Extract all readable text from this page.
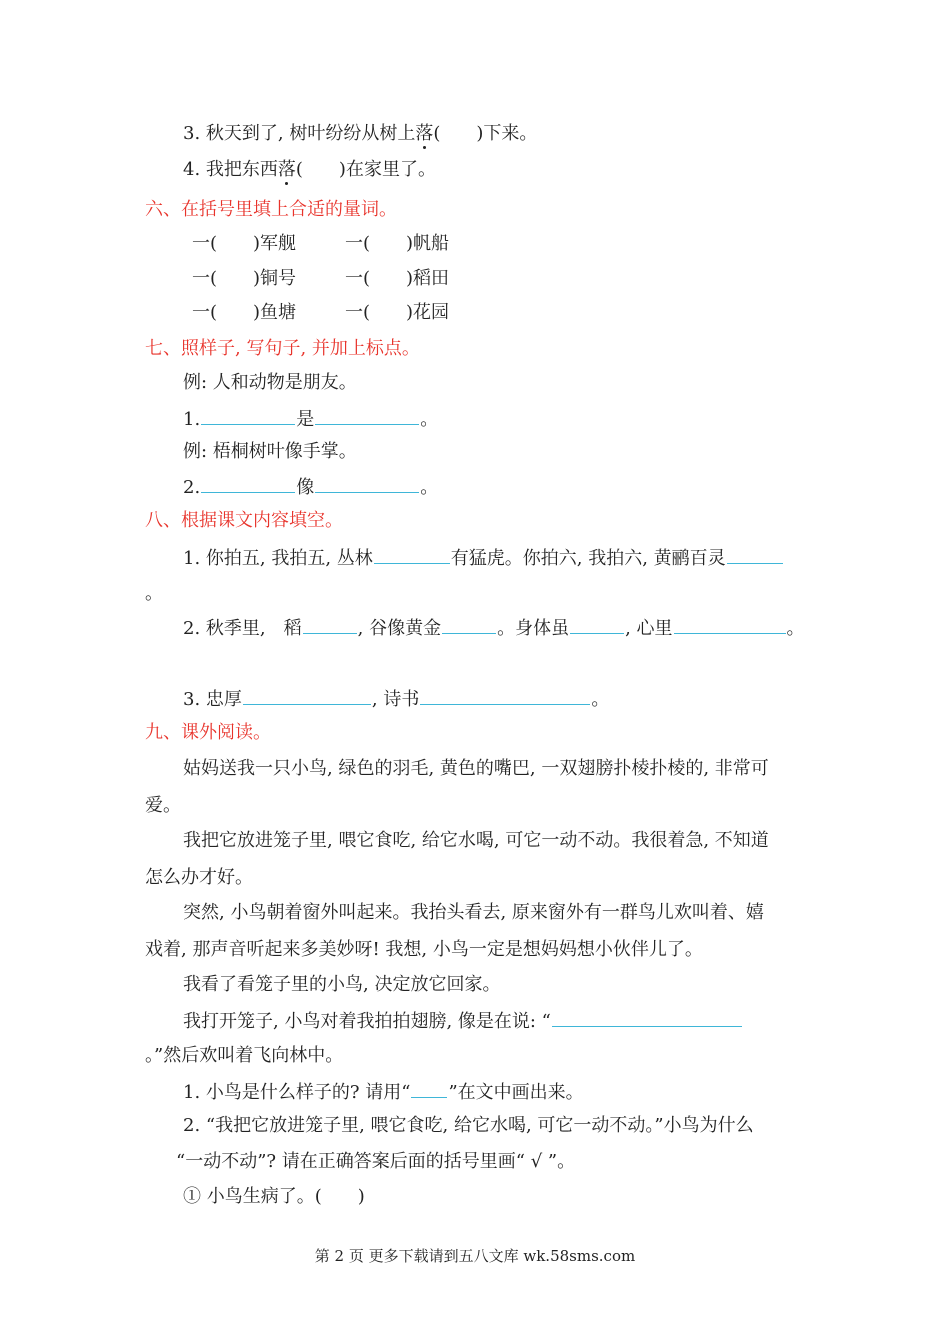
3. 秋天到了, 树叶纷纷从树上落(　　)下来。
4. 我把东西落(　　)在家里了。
六、在括号里填上合适的量词。
一(　　)军舰	一(　　)帆船
一(　　)铜号	一(　　)稻田
一(　　)鱼塘	一(　　)花园
七、照样子, 写句子, 并加上标点。
例: 人和动物是朋友。
1.	是	。
例: 梧桐树叶像手掌。
2.	像	。
八、根据课文内容填空。
1. 你拍五, 我拍五, 丛林	有猛虎。你拍六, 我拍六, 黄鹂百灵
。
2. 秋季里,　稻	, 谷像黄金	。身体虽	, 心里	。
3. 忠厚	, 诗书	。
九、课外阅读。
姑妈送我一只小鸟, 绿色的羽毛, 黄色的嘴巴, 一双翅膀扑棱扑棱的, 非常可
爱。
我把它放进笼子里, 喂它食吃, 给它水喝, 可它一动不动。我很着急, 不知道
怎么办才好。
突然, 小鸟朝着窗外叫起来。我抬头看去, 原来窗外有一群鸟儿欢叫着、嬉
戏着, 那声音听起来多美妙呀! 我想, 小鸟一定是想妈妈想小伙伴儿了。
我看了看笼子里的小鸟, 决定放它回家。
我打开笼子, 小鸟对着我拍拍翅膀, 像是在说: “
。”然后欢叫着飞向林中。
1. 小鸟是什么样子的? 请用“ ”在文中画出来。
2. “我把它放进笼子里, 喂它食吃, 给它水喝, 可它一动不动。”小鸟为什么
“一动不动”? 请在正确答案后面的括号里画“ √ ”。
① 小鸟生病了。(　　)
第 2 页 更多下载请到五八文库 wk.58sms.com
